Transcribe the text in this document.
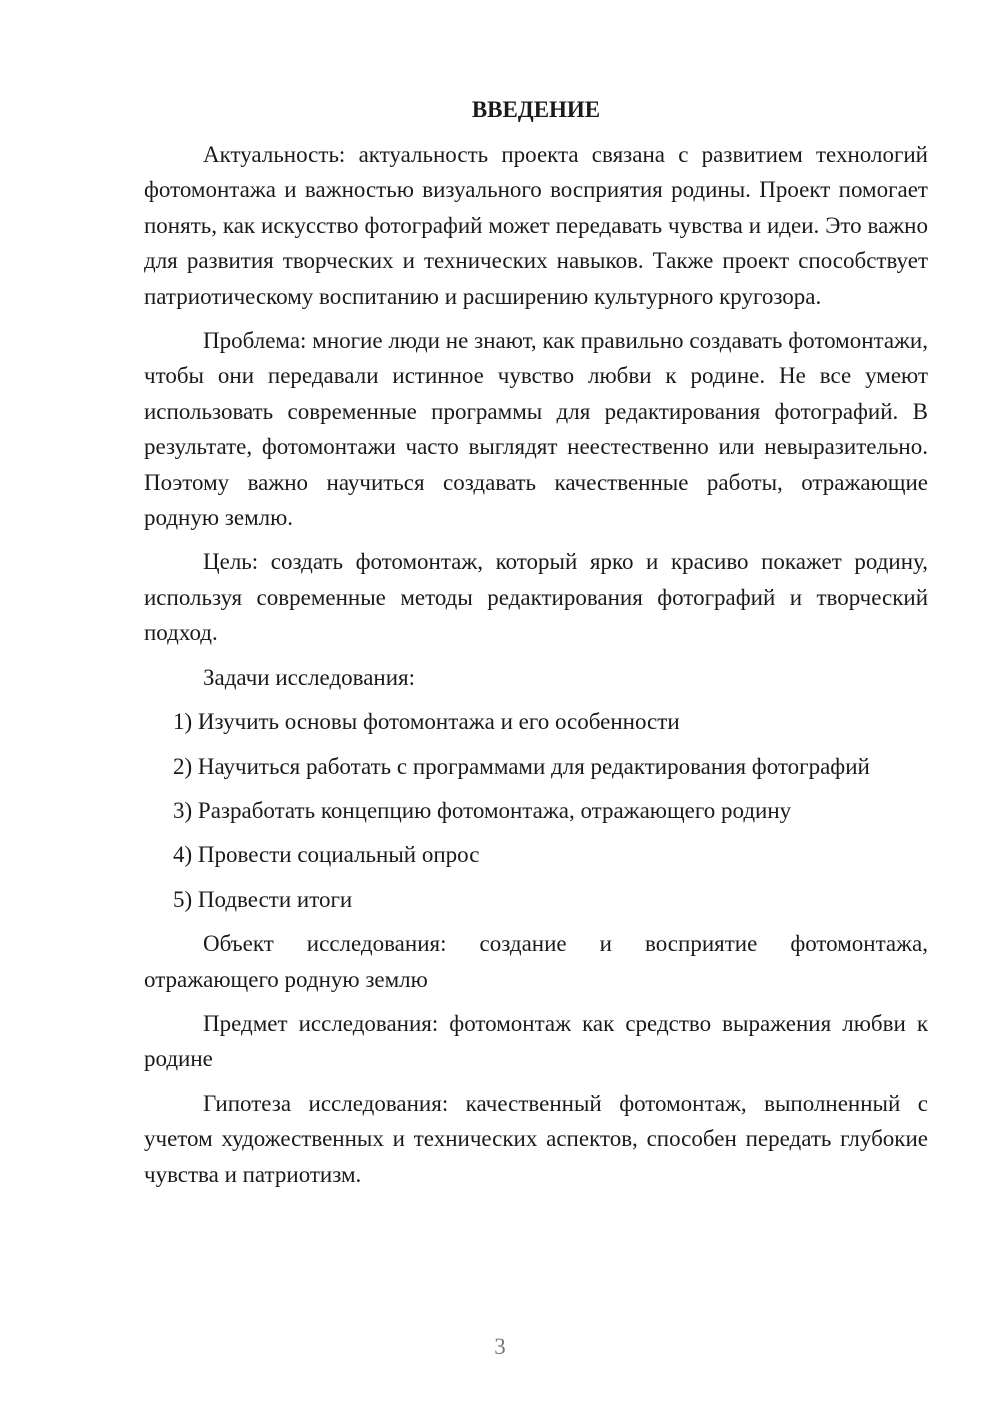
ВВЕДЕНИЕ

Актуальность: актуальность проекта связана с развитием технологий фотомонтажа и важностью визуального восприятия родины. Проект помогает понять, как искусство фотографий может передавать чувства и идеи. Это важно для развития творческих и технических навыков. Также проект способствует патриотическому воспитанию и расширению культурного кругозора.

Проблема: многие люди не знают, как правильно создавать фотомонтажи, чтобы они передавали истинное чувство любви к родине. Не все умеют использовать современные программы для редактирования фотографий. В результате, фотомонтажи часто выглядят неестественно или невыразительно. Поэтому важно научиться создавать качественные работы, отражающие родную землю.

Цель: создать фотомонтаж, который ярко и красиво покажет родину, используя современные методы редактирования фотографий и творческий подход.

Задачи исследования:

1) Изучить основы фотомонтажа и его особенности

2) Научиться работать с программами для редактирования фотографий

3) Разработать концепцию фотомонтажа, отражающего родину

4) Провести социальный опрос

5) Подвести итоги

Объект исследования: создание и восприятие фотомонтажа, отражающего родную землю

Предмет исследования: фотомонтаж как средство выражения любви к родине

Гипотеза исследования: качественный фотомонтаж, выполненный с учетом художественных и технических аспектов, способен передать глубокие чувства и патриотизм.

3
